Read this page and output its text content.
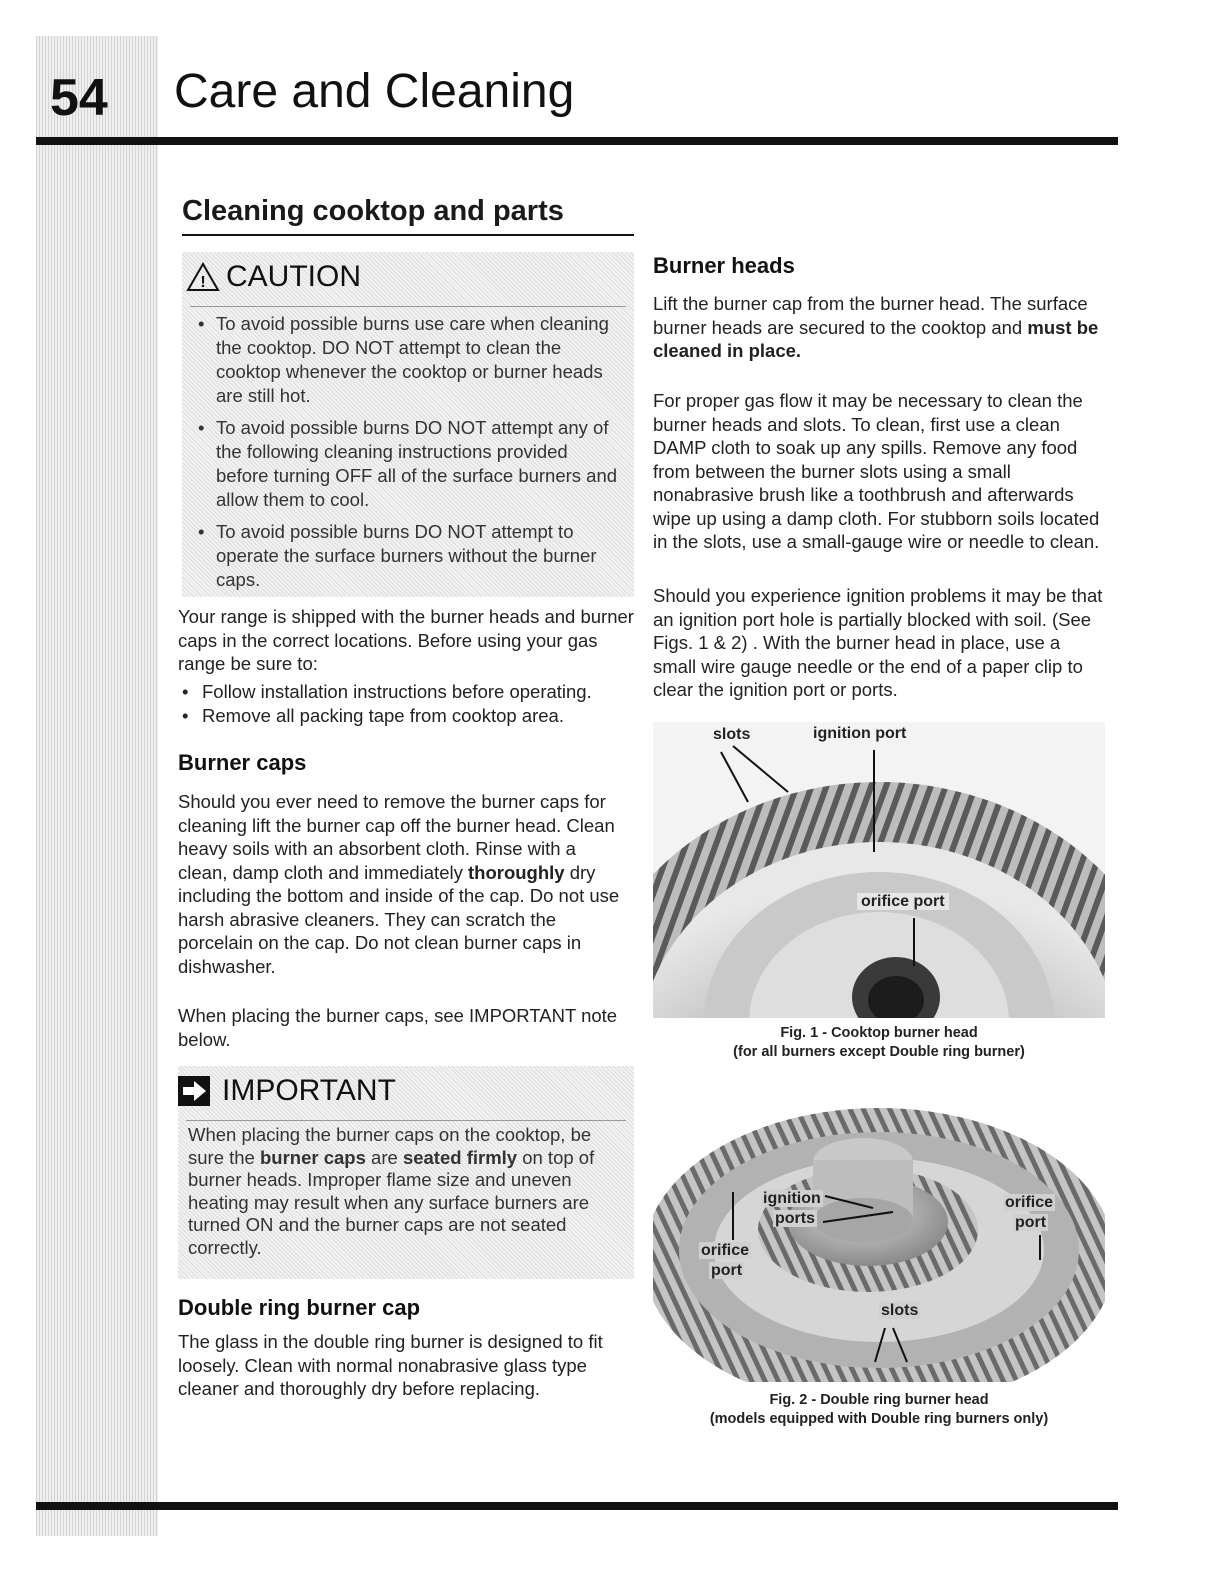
54 Care and Cleaning
Cleaning cooktop and parts
! CAUTION
• To avoid possible burns use care when cleaning the cooktop. DO NOT attempt to clean the cooktop whenever the cooktop or burner heads are still hot.
• To avoid possible burns DO NOT attempt any of the following cleaning instructions provided before turning OFF all of the surface burners and allow them to cool.
• To avoid possible burns DO NOT attempt to operate the surface burners without the burner caps.

Your range is shipped with the burner heads and burner caps in the correct locations. Before using your gas range be sure to:

• Follow installation instructions before operating.
• Remove all packing tape from cooktop area.
Burner caps

Should you ever need to remove the burner caps for cleaning lift the burner cap off the burner head. Clean heavy soils with an absorbent cloth. Rinse with a clean, damp cloth and immediately thoroughly dry including the bottom and inside of the cap. Do not use harsh abrasive cleaners. They can scratch the porcelain on the cap. Do not clean burner caps in dishwasher.

When placing the burner caps, see IMPORTANT note below.

IMPORTANT

When placing the burner caps on the cooktop, be sure the burner caps are seated firmly on top of burner heads. Improper flame size and uneven heating may result when any surface burners are turned ON and the burner caps are not seated correctly.

Double ring burner cap

The glass in the double ring burner is designed to fit loosely. Clean with normal nonabrasive glass type cleaner and thoroughly dry before replacing.

Burner heads

Lift the burner cap from the burner head. The surface burner heads are secured to the cooktop and must be cleaned in place.

For proper gas flow it may be necessary to clean the burner heads and slots. To clean, first use a clean DAMP cloth to soak up any spills. Remove any food from between the burner slots using a small nonabrasive brush like a toothbrush and afterwards wipe up using a damp cloth. For stubborn soils located in the slots, use a small-gauge wire or needle to clean.

Should you experience ignition problems it may be that an ignition port hole is partially blocked with soil. (See Figs. 1 & 2) . With the burner head in place, use a small wire gauge needle or the end of a paper clip to clear the ignition port or ports.

slots	ignition port
orifice port

Fig. 1 - Cooktop burner head
(for all burners except Double ring burner)

ignition
ports
orifice
port
orifice
port
slots

Fig. 2 - Double ring burner head
(models equipped with Double ring burners only)
